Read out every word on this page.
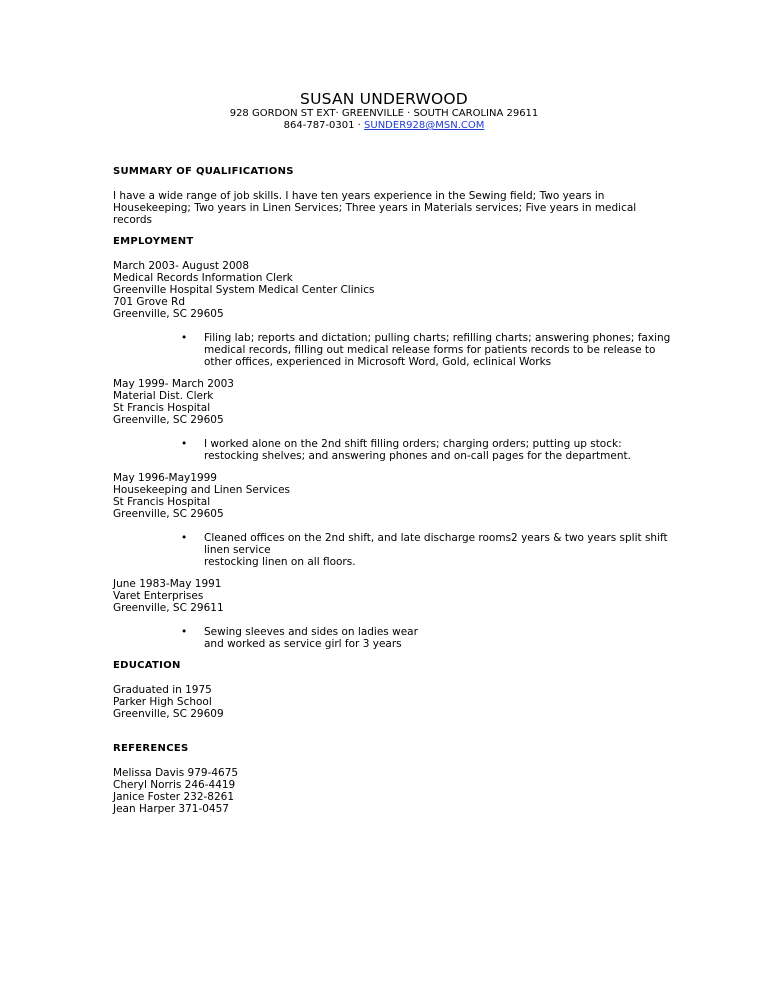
SUSAN UNDERWOOD
928 GORDON ST EXT· GREENVILLE · SOUTH CAROLINA 29611
864-787-0301 · SUNDER928@MSN.COM
SUMMARY OF QUALIFICATIONS

I have a wide range of job skills. I have ten years experience in the Sewing field; Two years in

Housekeeping; Two years in Linen Services; Three years in Materials services; Five years in medical

records

EMPLOYMENT

March 2003- August 2008

Medical Records Information Clerk

Greenville Hospital System Medical Center Clinics

701 Grove Rd

Greenville, SC 29605

• Filing lab; reports and dictation; pulling charts; refilling charts; answering phones; faxing
medical records, filling out medical release forms for patients records to be release to
other offices, experienced in Microsoft Word, Gold, eclinical Works

May 1999- March 2003

Material Dist. Clerk

St Francis Hospital

Greenville, SC 29605

• I worked alone on the 2nd shift filling orders; charging orders; putting up stock:
restocking shelves; and answering phones and on-call pages for the department.

May 1996-May1999

Housekeeping and Linen Services

St Francis Hospital

Greenville, SC 29605

• Cleaned offices on the 2nd shift, and late discharge rooms2 years & two years split shift
linen service
restocking linen on all floors.

June 1983-May 1991

Varet Enterprises

Greenville, SC 29611

• Sewing sleeves and sides on ladies wear
and worked as service girl for 3 years
EDUCATION

Graduated in 1975

Parker High School

Greenville, SC 29609

REFERENCES

Melissa Davis 979-4675

Cheryl Norris 246-4419

Janice Foster 232-8261

Jean Harper 371-0457
